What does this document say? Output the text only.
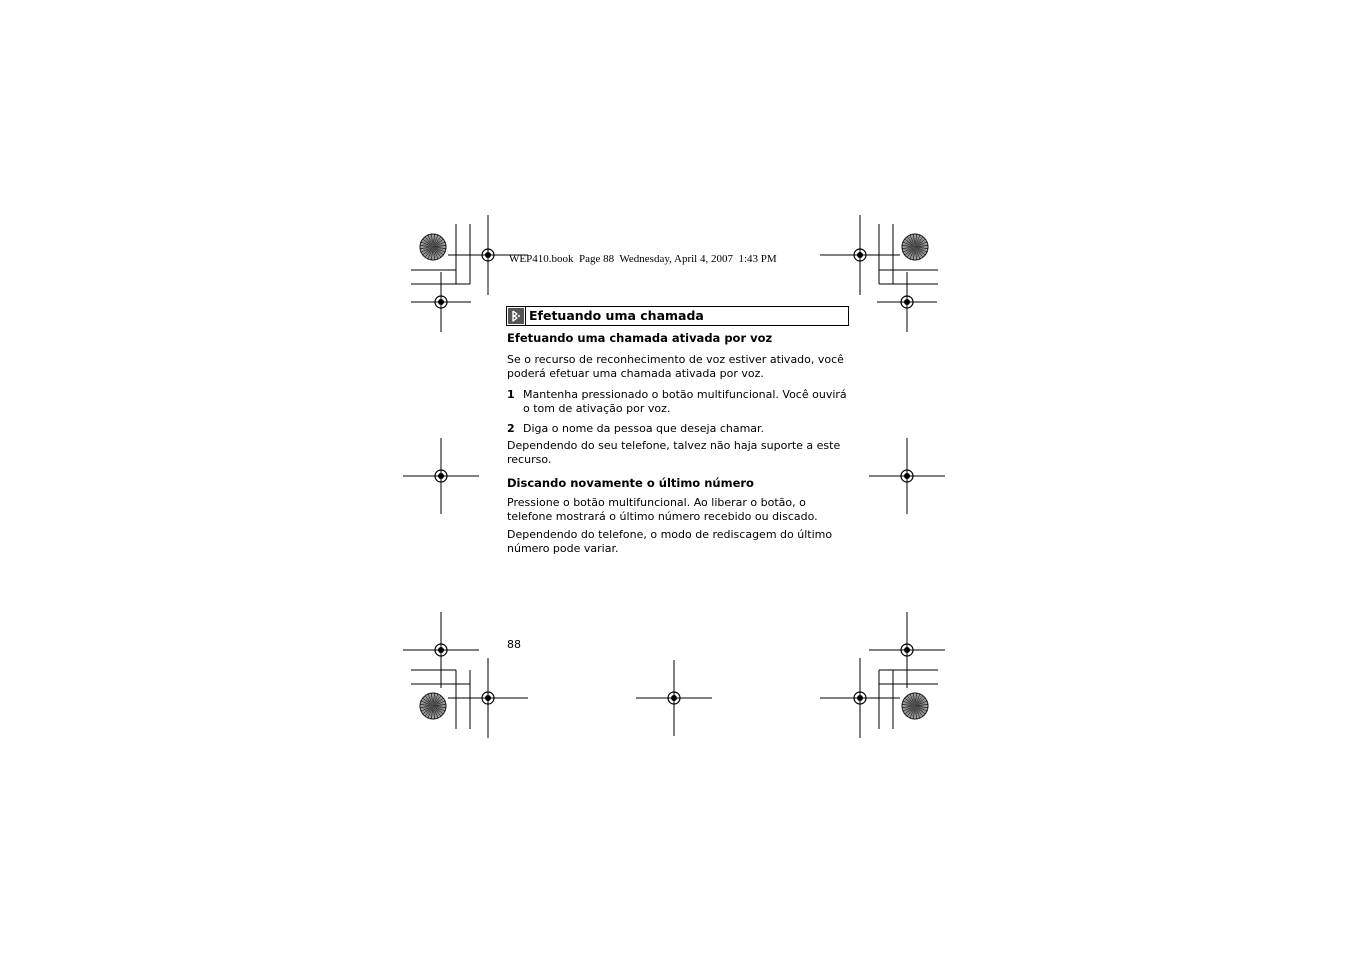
WEP410.book  Page 88  Wednesday, April 4, 2007  1:43 PM
Efetuando uma chamada
Efetuando uma chamada ativada por voz

Se o recurso de reconhecimento de voz estiver ativado, você poderá efetuar uma chamada ativada por voz.

1 Mantenha pressionado o botão multifuncional. Você ouvirá o tom de ativação por voz.
2 Diga o nome da pessoa que deseja chamar.

Dependendo do seu telefone, talvez não haja suporte a este recurso.

Discando novamente o último número

Pressione o botão multifuncional. Ao liberar o botão, o telefone mostrará o último número recebido ou discado.

Dependendo do telefone, o modo de rediscagem do último número pode variar.

88
